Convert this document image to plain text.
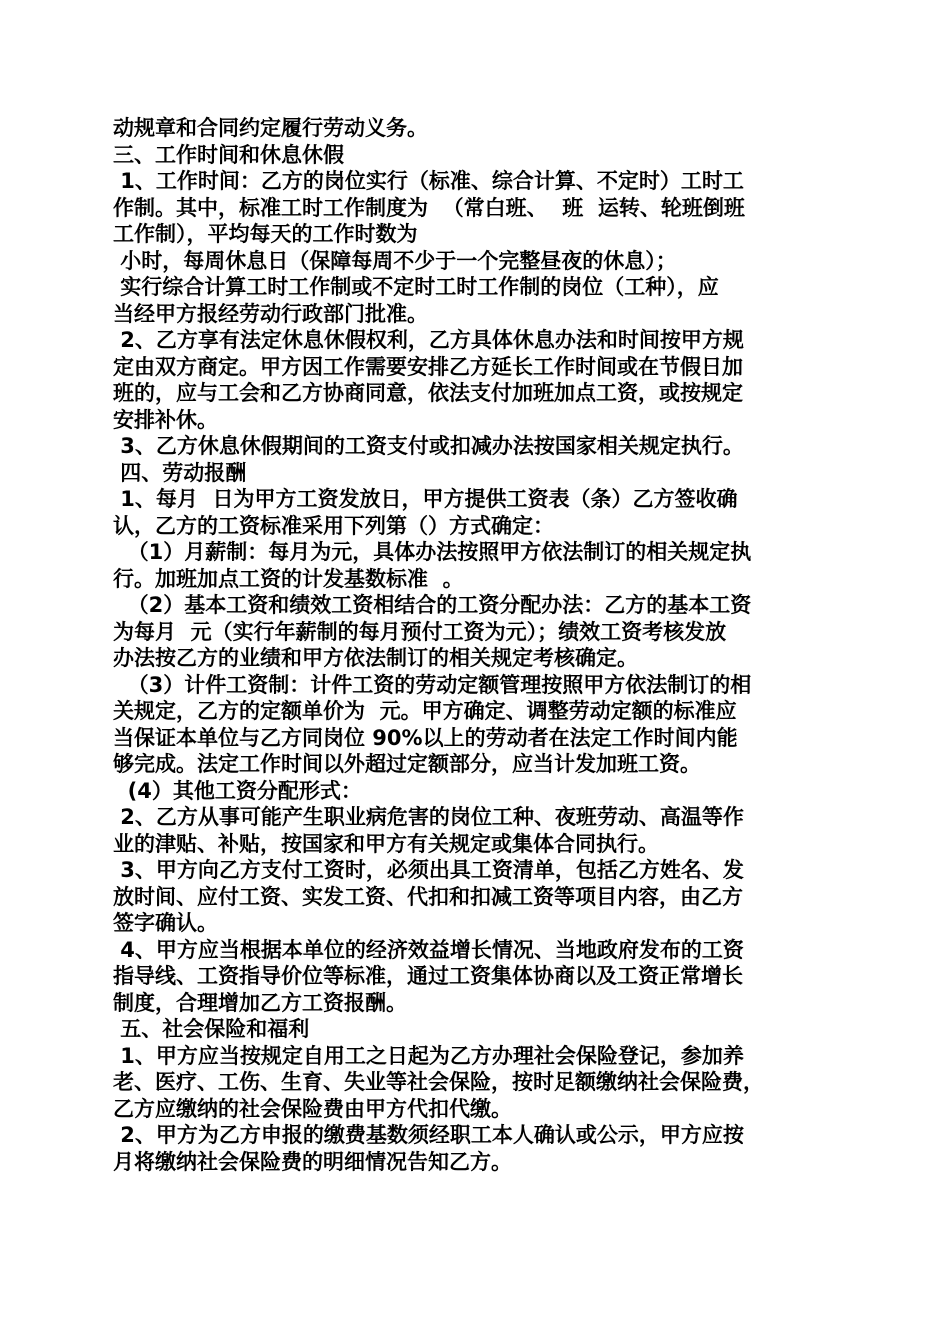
动规章和合同约定履行劳动义务。
三、工作时间和休息休假
1、工作时间：乙方的岗位实行（标准、综合计算、不定时）工时工
作制。其中，标准工时工作制度为  （常白班、  班  运转、轮班倒班
工作制），平均每天的工作时数为
小时，每周休息日（保障每周不少于一个完整昼夜的休息）；
实行综合计算工时工作制或不定时工时工作制的岗位（工种），应
当经甲方报经劳动行政部门批准。
2、乙方享有法定休息休假权利，乙方具体休息办法和时间按甲方规
定由双方商定。甲方因工作需要安排乙方延长工作时间或在节假日加
班的，应与工会和乙方协商同意，依法支付加班加点工资，或按规定
安排补休。
3、乙方休息休假期间的工资支付或扣减办法按国家相关规定执行。
四、劳动报酬
1、每月  日为甲方工资发放日，甲方提供工资表（条）乙方签收确
认，乙方的工资标准采用下列第（）方式确定：
（1）月薪制：每月为元，具体办法按照甲方依法制订的相关规定执
行。加班加点工资的计发基数标准  。
（2）基本工资和绩效工资相结合的工资分配办法：乙方的基本工资
为每月  元（实行年薪制的每月预付工资为元）；绩效工资考核发放
办法按乙方的业绩和甲方依法制订的相关规定考核确定。
（3）计件工资制：计件工资的劳动定额管理按照甲方依法制订的相
关规定，乙方的定额单价为  元。甲方确定、调整劳动定额的标准应
当保证本单位与乙方同岗位 90%以上的劳动者在法定工作时间内能
够完成。法定工作时间以外超过定额部分，应当计发加班工资。
(4）其他工资分配形式：
2、乙方从事可能产生职业病危害的岗位工种、夜班劳动、高温等作
业的津贴、补贴，按国家和甲方有关规定或集体合同执行。
3、甲方向乙方支付工资时，必须出具工资清单，包括乙方姓名、发
放时间、应付工资、实发工资、代扣和扣减工资等项目内容，由乙方
签字确认。
4、甲方应当根据本单位的经济效益增长情况、当地政府发布的工资
指导线、工资指导价位等标准，通过工资集体协商以及工资正常增长
制度，合理增加乙方工资报酬。
五、社会保险和福利
1、甲方应当按规定自用工之日起为乙方办理社会保险登记，参加养
老、医疗、工伤、生育、失业等社会保险，按时足额缴纳社会保险费，
乙方应缴纳的社会保险费由甲方代扣代缴。
2、甲方为乙方申报的缴费基数须经职工本人确认或公示，甲方应按
月将缴纳社会保险费的明细情况告知乙方。
